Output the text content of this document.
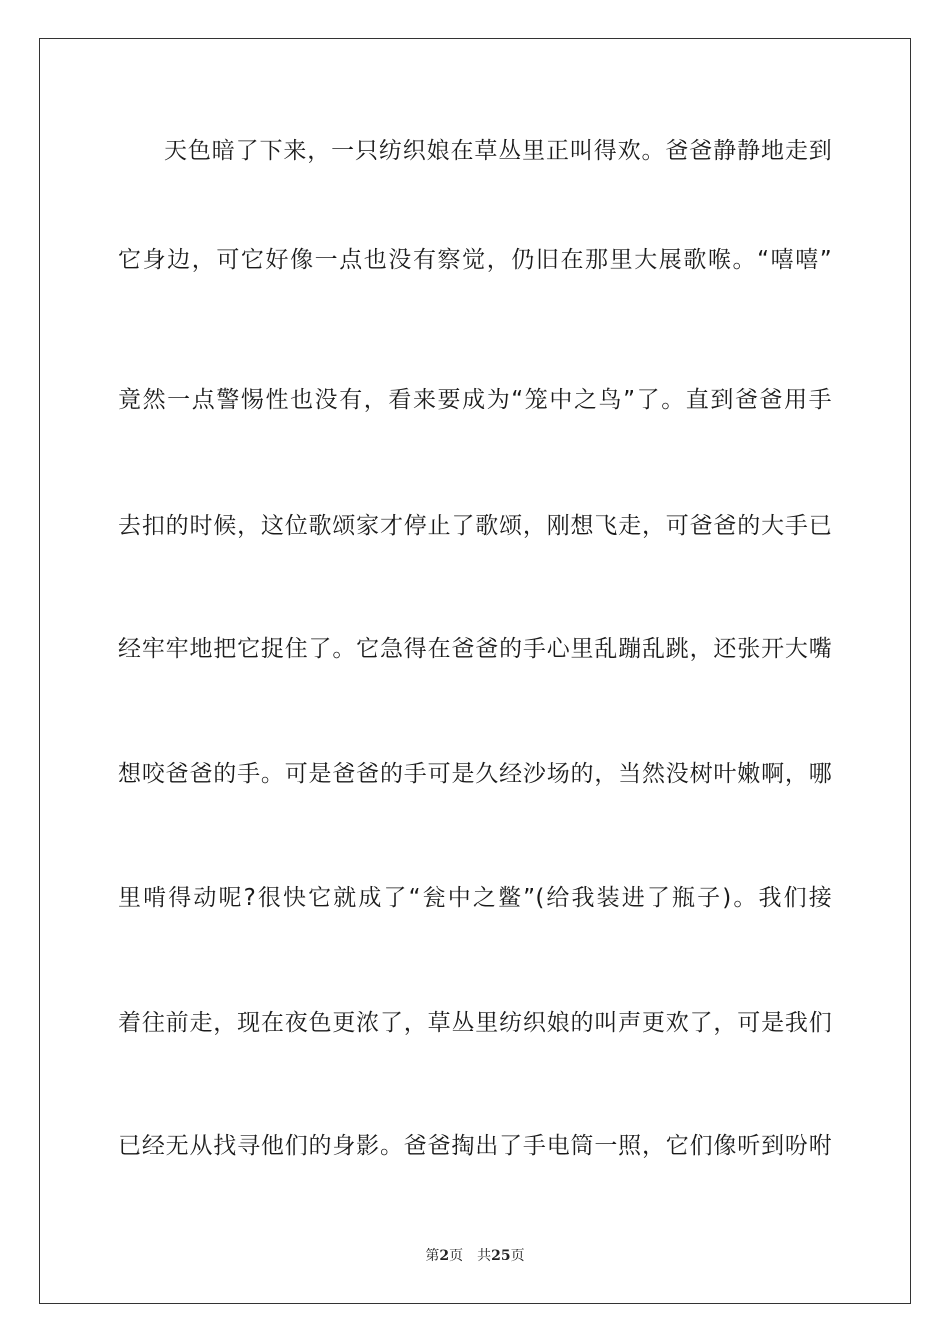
天色暗了下来，一只纺织娘在草丛里正叫得欢。爸爸静静地走到
它身边，可它好像一点也没有察觉，仍旧在那里大展歌喉。“嘻嘻”
竟然一点警惕性也没有，看来要成为“笼中之鸟”了。直到爸爸用手
去扣的时候，这位歌颂家才停止了歌颂，刚想飞走，可爸爸的大手已
经牢牢地把它捉住了。它急得在爸爸的手心里乱蹦乱跳，还张开大嘴
想咬爸爸的手。可是爸爸的手可是久经沙场的，当然没树叶嫩啊，哪
里啃得动呢?很快它就成了“瓮中之鳖”(给我装进了瓶子)。我们接
着往前走，现在夜色更浓了，草丛里纺织娘的叫声更欢了，可是我们
已经无从找寻他们的身影。爸爸掏出了手电筒一照，它们像听到吩咐
第2页 共25页
